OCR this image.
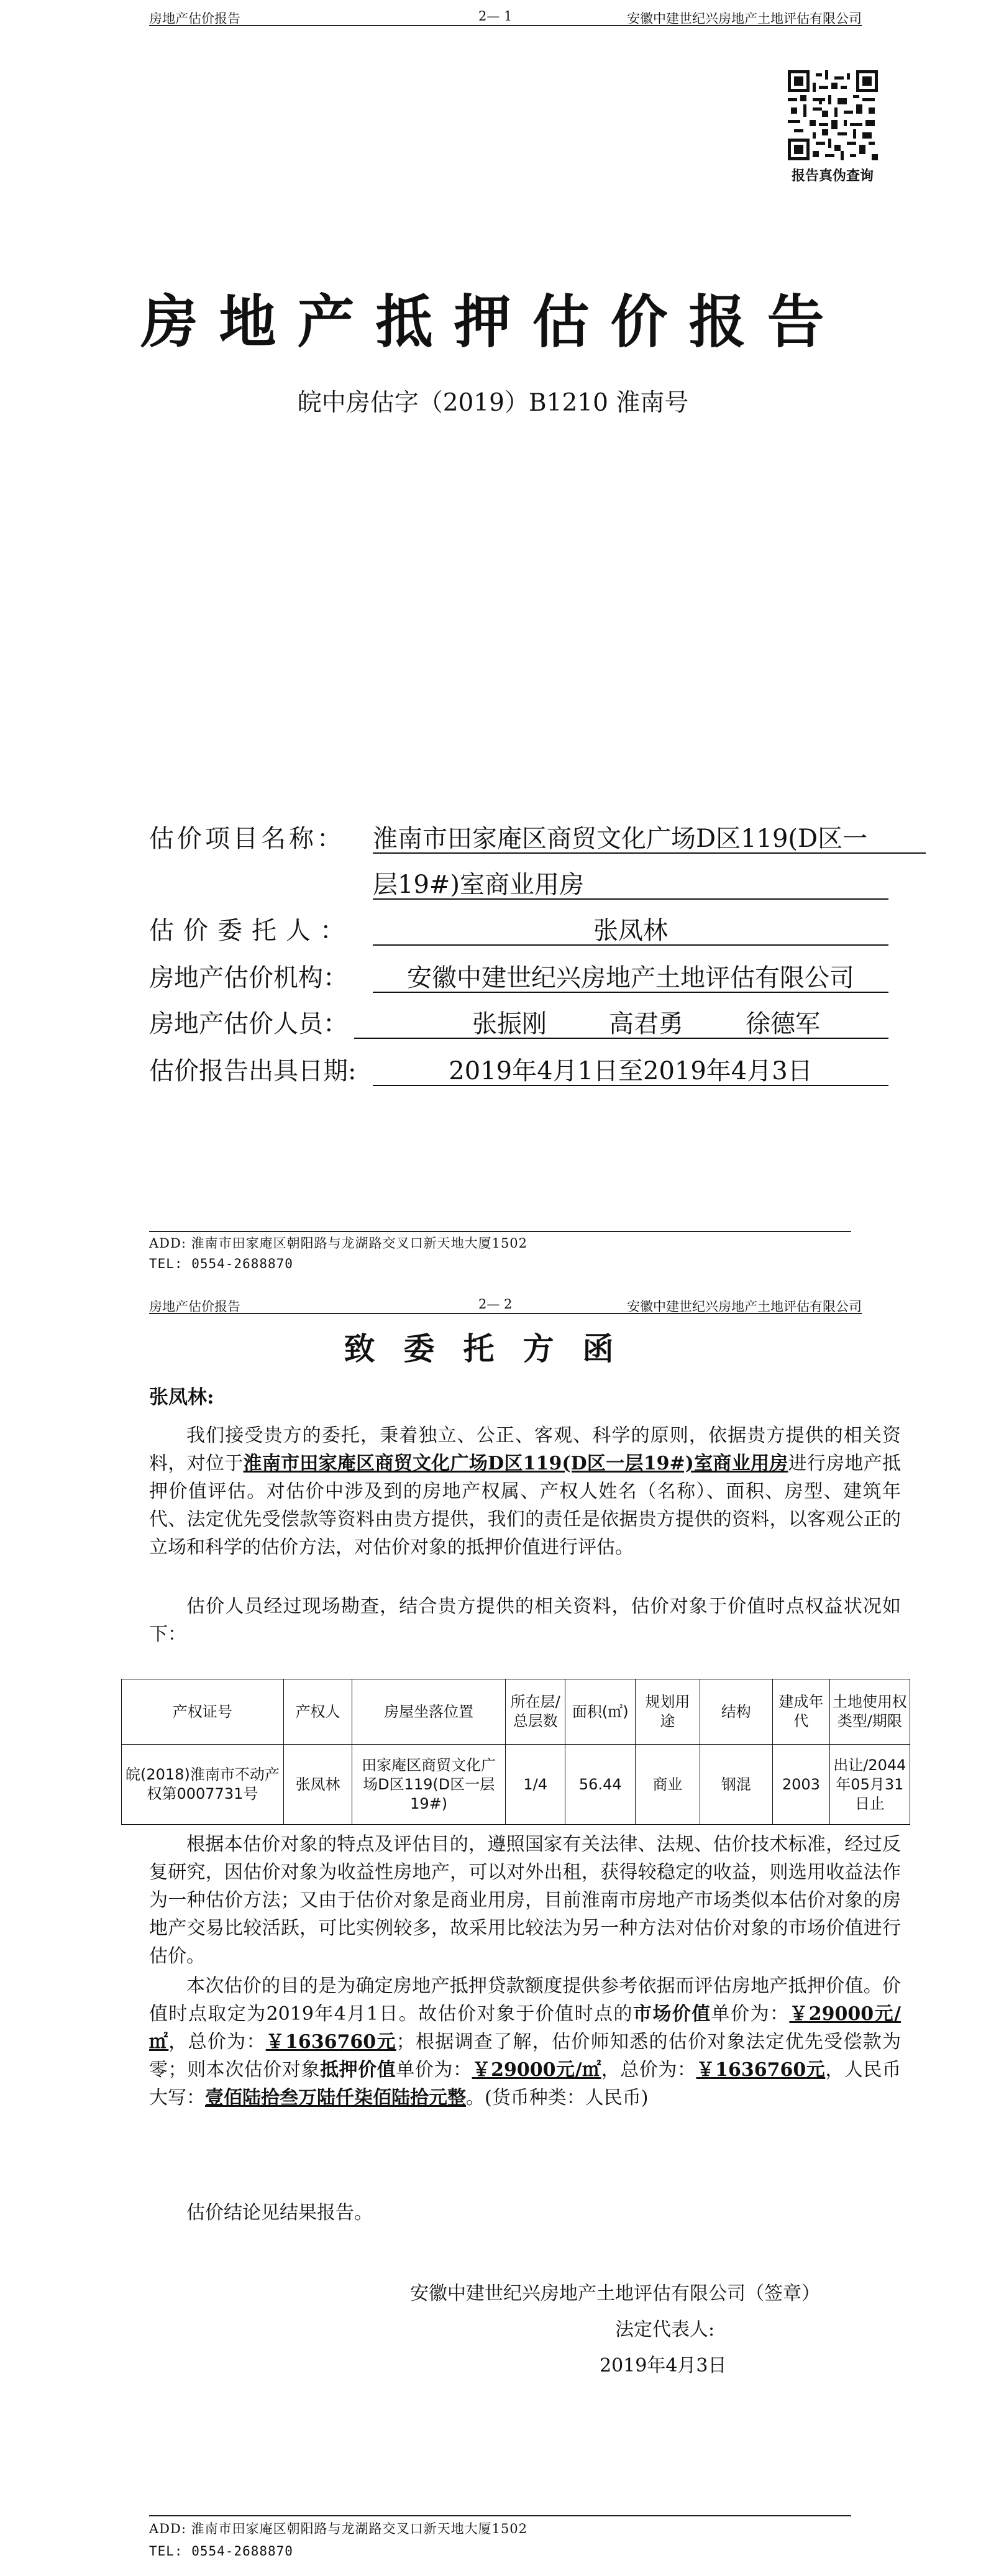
房地产估价报告	2— 1	安徽中建世纪兴房地产土地评估有限公司
报告真伪查询
房地产抵押估价报告
皖中房估字（2019）B1210 淮南号
估价项目名称： 淮南市田家庵区商贸文化广场D区119(D区一
层19#)室商业用房
估价委托人：	张凤林
房地产估价机构：	安徽中建世纪兴房地产土地评估有限公司
房地产估价人员：	张振刚	高君勇	徐德军
估价报告出具日期:	2019年4月1日至2019年4月3日
ADD: 淮南市田家庵区朝阳路与龙湖路交叉口新天地大厦1502
TEL: 0554-2688870
房地产估价报告	2— 2	安徽中建世纪兴房地产土地评估有限公司
致委托方函
张凤林:
我们接受贵方的委托，秉着独立、公正、客观、科学的原则，依据贵方提供的相关资料，对位于淮南市田家庵区商贸文化广场D区119(D区一层19#)室商业用房进行房地产抵押价值评估。对估价中涉及到的房地产权属、产权人姓名（名称）、面积、房型、建筑年代、法定优先受偿款等资料由贵方提供，我们的责任是依据贵方提供的资料，以客观公正的立场和科学的估价方法，对估价对象的抵押价值进行评估。
估价人员经过现场勘查，结合贵方提供的相关资料，估价对象于价值时点权益状况如下：
产权证号	产权人	房屋坐落位置	所在层/总层数	面积(㎡)	规划用途	结构	建成年代	土地使用权类型/期限
皖(2018)淮南市不动产权第0007731号	张凤林	田家庵区商贸文化广场D区119(D区一层19#)	1/4	56.44	商业	钢混	2003	出让/2044年05月31日止
根据本估价对象的特点及评估目的，遵照国家有关法律、法规、估价技术标准，经过反复研究，因估价对象为收益性房地产，可以对外出租，获得较稳定的收益，则选用收益法作为一种估价方法；又由于估价对象是商业用房，目前淮南市房地产市场类似本估价对象的房地产交易比较活跃，可比实例较多，故采用比较法为另一种方法对估价对象的市场价值进行估价。
本次估价的目的是为确定房地产抵押贷款额度提供参考依据而评估房地产抵押价值。价值时点取定为2019年4月1日。故估价对象于价值时点的市场价值单价为：￥29000元/㎡，总价为：￥1636760元；根据调查了解，估价师知悉的估价对象法定优先受偿款为零；则本次估价对象抵押价值单价为：￥29000元/㎡，总价为：￥1636760元，人民币大写：壹佰陆拾叁万陆仟柒佰陆拾元整。(货币种类：人民币)
估价结论见结果报告。
安徽中建世纪兴房地产土地评估有限公司（签章）
法定代表人:
2019年4月3日
ADD: 淮南市田家庵区朝阳路与龙湖路交叉口新天地大厦1502
TEL: 0554-2688870
